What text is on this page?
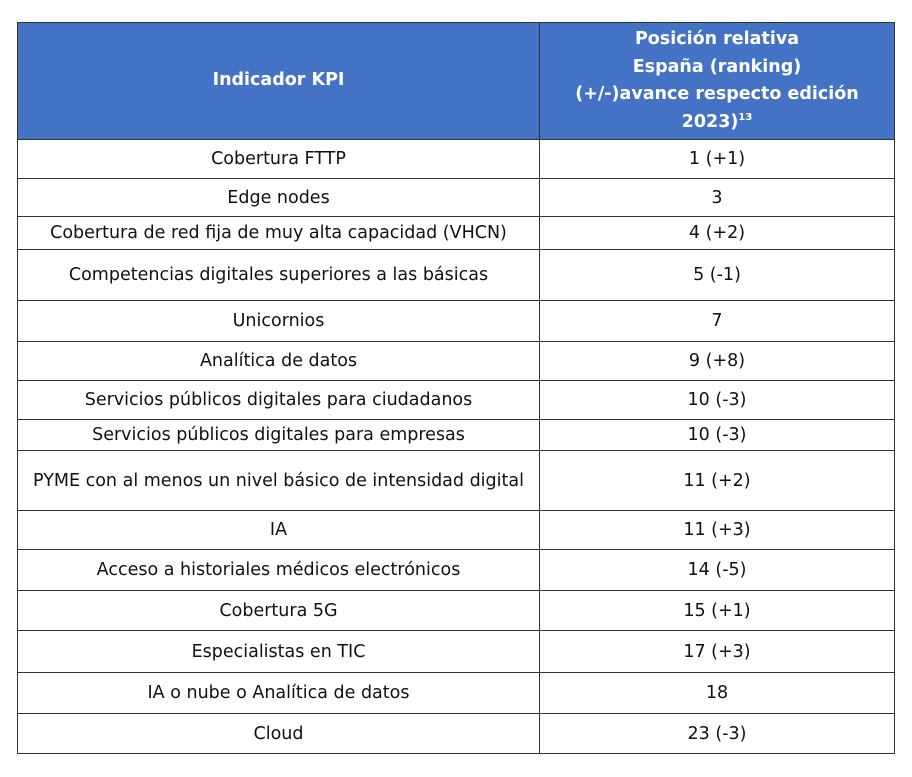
Indicador KPI	Posición relativa
España (ranking)
(+/-)avance respecto edición
2023)$^{13}$

Cobertura FTTP	1 (+1)
Edge nodes	3
Cobertura de red fija de muy alta capacidad (VHCN)	4 (+2)
Competencias digitales superiores a las básicas	5 (-1)
Unicornios	7
Analítica de datos	9 (+8)
Servicios públicos digitales para ciudadanos	10 (-3)
Servicios públicos digitales para empresas	10 (-3)
PYME con al menos un nivel básico de intensidad digital	11 (+2)
IA	11 (+3)
Acceso a historiales médicos electrónicos	14 (-5)
Cobertura 5G	15 (+1)
Especialistas en TIC	17 (+3)
IA o nube o Analítica de datos	18
Cloud	23 (-3)
